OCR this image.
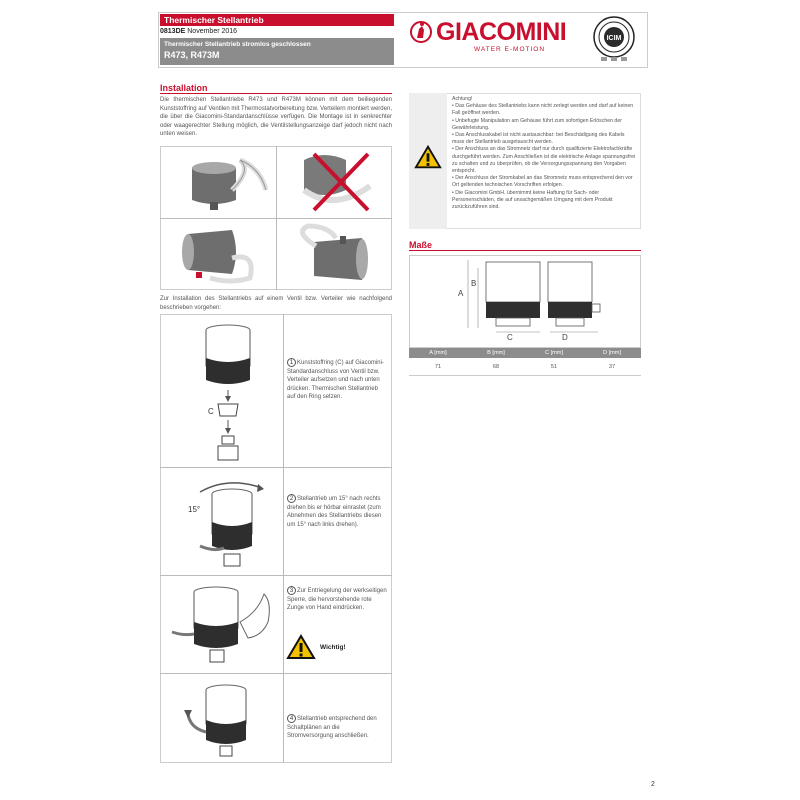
Thermischer Stellantrieb
0813DE November 2016
Thermischer Stellantrieb stromlos geschlossen
R473, R473M
GIACOMINI
WATER E-MOTION
ICIM
Installation
Die thermischen Stellantriebe R473 und R473M können mit dem beiliegenden Kunststoffring auf Ventilen mit Thermostatvorbereitung bzw. Verteilern montiert werden, die über die Giacomini-Standardanschlüsse verfügen. Die Montage ist in senkrechter oder waagerechter Stellung möglich, die Ventilstellungsanzeige darf jedoch nicht nach unten weisen.
Zur Installation des Stellantriebs auf einem Ventil bzw. Verteiler wie nachfolgend beschrieben vorgehen:
C
1 Kunststoffring (C) auf Giacomini-Standardanschluss von Ventil bzw. Verteiler aufsetzen und nach unten drücken. Thermischen Stellantrieb auf den Ring setzen.
15°
2 Stellantrieb um 15° nach rechts drehen bis er hörbar einrastet (zum Abnehmen des Stellantriebs diesen um 15° nach links drehen).
3 Zur Entriegelung der werkseitigen Sperre, die hervorstehende rote Zunge von Hand eindrücken.
Wichtig!
4 Stellantrieb entsprechend den Schaltplänen an die Stromversorgung anschließen.
Achtung!
• Das Gehäuse des Stellantriebs kann nicht zerlegt werden und darf auf keinen Fall geöffnet werden.
• Unbefugte Manipulation am Gehäuse führt zum sofortigen Erlöschen der Gewährleistung.
• Das Anschlusskabel ist nicht austauschbar: bei Beschädigung des Kabels muss der Stellantrieb ausgetauscht werden.
• Der Anschluss an das Stromnetz darf nur durch qualifizierte Elektrofachkräfte durchgeführt werden. Zum Anschließen ist die elektrische Anlage spannungsfrei zu schalten und zu überprüfen, ob die Versorgungsspannung den Vorgaben entspricht.
• Der Anschluss der Stromkabel an das Stromnetz muss entsprechend den vor Ort geltenden technischen Vorschriften erfolgen.
• Die Giacomini GmbH. übernimmt keine Haftung für Sach- oder Personenschäden, die auf unsachgemäßen Umgang mit dem Produkt zurückzuführen sind.
Maße
A
B
C	D
A [mm]	B [mm]	C [mm]	D [mm]
71	68	51	37
2
